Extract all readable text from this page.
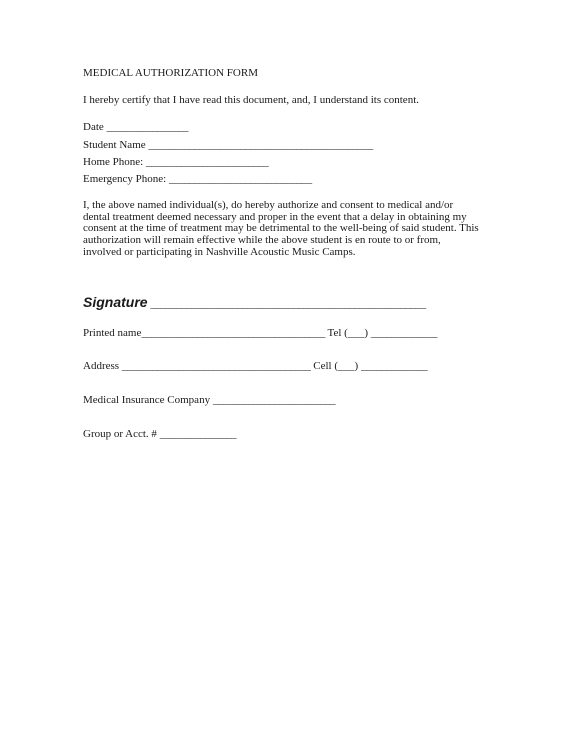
MEDICAL AUTHORIZATION FORM
I hereby certify that I have read this document, and, I understand its content.
Date ________________
Student Name ____________________________________________
Home Phone: ________________________
Emergency Phone: ____________________________
I, the above named individual(s), do hereby authorize and consent to medical and/or
dental treatment deemed necessary and proper in the event that a delay in obtaining my
consent at the time of treatment may be detrimental to the well-being of said student. This
authorization will remain effective while the above student is en route to or from,
involved or participating in Nashville Acoustic Music Camps.
Signature ______________________________________________________
Printed name____________________________________ Tel (___) _____________
Address _____________________________________ Cell (___) _____________
Medical Insurance Company ________________________
Group or Acct. # _______________
